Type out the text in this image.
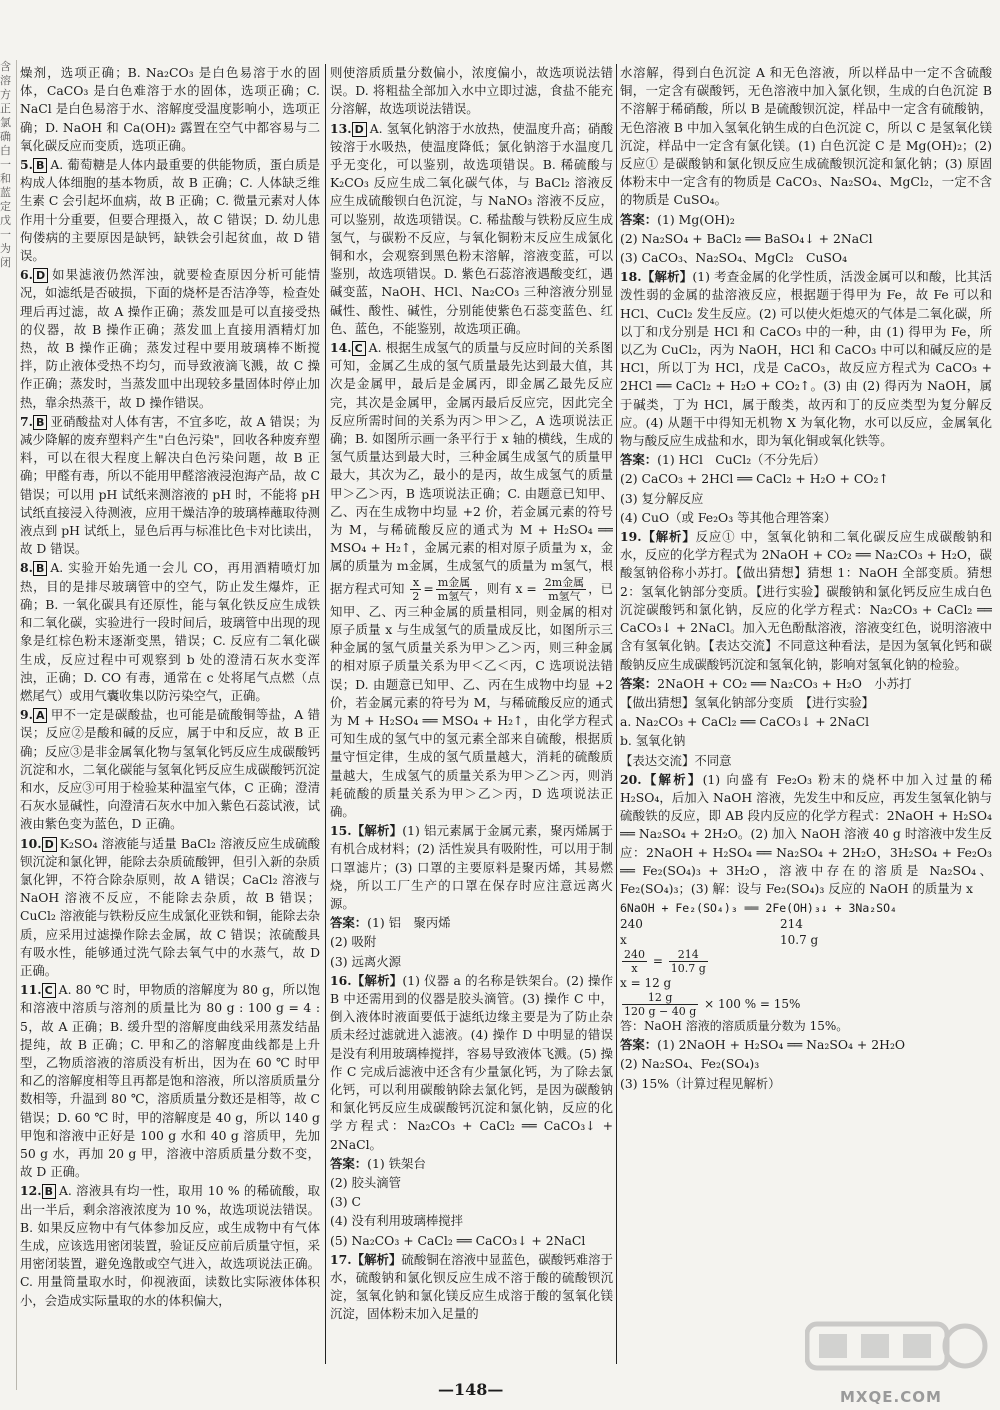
含
溶
方
正
氯
确
白
一
和
蓝
定
戊
一
为
闭

燥剂，选项正确；B. Na₂CO₃ 是白色易溶于水的固体，CaCO₃ 是白色难溶于水的固体，选项正确；C. NaCl 是白色易溶于水、溶解度受温度影响小，选项正确；D. NaOH 和 Ca(OH)₂ 露置在空气中都容易与二氧化碳反应而变质，选项正确。

5. B A. 葡萄糖是人体内最重要的供能物质，蛋白质是构成人体细胞的基本物质，故 B 正确；C. 人体缺乏维生素 C 会引起坏血病，故 B 正确；C. 微量元素对人体作用十分重要，但要合理摄入，故 C 错误；D. 幼儿患佝偻病的主要原因是缺钙，缺铁会引起贫血，故 D 错误。

6. D 如果滤液仍然浑浊，就要检查原因分析可能情况，如滤纸是否破损，下面的烧杯是否洁净等，检查处理后再过滤，故 A 操作正确；蒸发皿是可以直接受热的仪器，故 B 操作正确；蒸发皿上直接用酒精灯加热，故 B 操作正确；蒸发过程中要用玻璃棒不断搅拌，防止液体受热不均匀，而导致液滴飞溅，故 C 操作正确；蒸发时，当蒸发皿中出现较多量固体时停止加热，靠余热蒸干，故 D 操作错误。

7. B 亚硝酸盐对人体有害，不宜多吃，故 A 错误；为减少降解的废弃塑料产生"白色污染"，回收各种废弃塑料，可以在很大程度上解决白色污染问题，故 B 正确；甲醛有毒，所以不能用甲醛溶液浸泡海产品，故 C 错误；可以用 pH 试纸来测溶液的 pH 时，不能将 pH 试纸直接浸入待测液，应用干燥洁净的玻璃棒蘸取待测液点到 pH 试纸上，显色后再与标准比色卡对比读出，故 D 错误。

8. B A. 实验开始先通一会儿 CO，再用酒精喷灯加热，目的是排尽玻璃管中的空气，防止发生爆炸，正确；B. 一氧化碳具有还原性，能与氧化铁反应生成铁和二氧化碳，实验进行一段时间后，玻璃管中出现的现象是红棕色粉末逐渐变黑，错误；C. 反应有二氧化碳生成，反应过程中可观察到 b 处的澄清石灰水变浑浊，正确；D. CO 有毒，通常在 c 处将尾气点燃（点燃尾气）或用气囊收集以防污染空气，正确。

9. A 甲不一定是碳酸盐，也可能是硫酸铜等盐，A 错误；反应②是酸和碱的反应，属于中和反应，故 B 正确；反应③是非金属氧化物与氢氧化钙反应生成碳酸钙沉淀和水，二氧化碳能与氢氧化钙反应生成碳酸钙沉淀和水，反应③可用于检验某种温室气体，C 正确；澄清石灰水显碱性，向澄清石灰水中加入紫色石蕊试液，试液由紫色变为蓝色，D 正确。

10. D K₂SO₄ 溶液能与适量 BaCl₂ 溶液反应生成硫酸钡沉淀和氯化钾，能除去杂质硫酸钾，但引入新的杂质氯化钾，不符合除杂原则，故 A 错误；CaCl₂ 溶液与 NaOH 溶液不反应，不能除去杂质，故 B 错误；CuCl₂ 溶液能与铁粉反应生成氯化亚铁和铜，能除去杂质，应采用过滤操作除去金属，故 C 错误；浓硫酸具有吸水性，能够通过洗气除去氧气中的水蒸气，故 D 正确。

11. C A. 80 ℃ 时，甲物质的溶解度为 80 g，所以饱和溶液中溶质与溶剂的质量比为 80 g : 100 g = 4 : 5，故 A 正确；B. 缓升型的溶解度曲线采用蒸发结晶提纯，故 B 正确；C. 甲和乙的溶解度曲线都是上升型，乙物质溶液的溶质没有析出，因为在 60 ℃ 时甲和乙的溶解度相等且再都是饱和溶液，所以溶质质量分数相等，升温到 80 ℃，溶质质量分数还是相等，故 C 错误；D. 60 ℃ 时，甲的溶解度是 40 g，所以 140 g 甲饱和溶液中正好是 100 g 水和 40 g 溶质甲，先加 50 g 水，再加 20 g 甲，溶液中溶质质量分数不变，故 D 正确。

12. B A. 溶液具有均一性，取用 10 % 的稀硫酸，取出一半后，剩余溶液浓度为 10 %，故选项说法错误。B. 如果反应物中有气体参加反应，或生成物中有气体生成，应该选用密闭装置，验证反应前后质量守恒，采用密闭装置，避免逸散或空气进入，故选项说法正确。C. 用量筒量取水时，仰视液面，读数比实际液体体积小，会造成实际量取的水的体积偏大，

则使溶质质量分数偏小，浓度偏小，故选项说法错误。D. 将粗盐全部加入水中立即过滤，食盐不能充分溶解，故选项说法错误。

13. D A. 氢氧化钠溶于水放热，使温度升高；硝酸铵溶于水吸热，使温度降低；氯化钠溶于水温度几乎无变化，可以鉴别，故选项错误。B. 稀硫酸与 K₂CO₃ 反应生成二氧化碳气体，与 BaCl₂ 溶液反应生成硫酸钡白色沉淀，与 NaNO₃ 溶液不反应，可以鉴别，故选项错误。C. 稀盐酸与铁粉反应生成氢气，与碳粉不反应，与氧化铜粉末反应生成氯化铜和水，会观察到黑色粉末溶解，溶液变蓝，可以鉴别，故选项错误。D. 紫色石蕊溶液遇酸变红，遇碱变蓝，NaOH、HCl、Na₂CO₃ 三种溶液分别显碱性、酸性、碱性，分别能使紫色石蕊变蓝色、红色、蓝色，不能鉴别，故选项正确。

14. C A. 根据生成氢气的质量与反应时间的关系图可知，金属乙生成的氢气质量最先达到最大值，其次是金属甲，最后是金属丙，即金属乙最先反应完，其次是金属甲，金属丙最后反应完，因此完全反应所需时间的关系为丙＞甲＞乙，A 选项说法正确；B. 如图所示画一条平行于 x 轴的横线，生成的氢气质量达到最大时，三种金属生成氢气的质量甲最大，其次为乙，最小的是丙，故生成氢气的质量甲＞乙＞丙，B 选项说法正确；C. 由题意已知甲、乙、丙在生成物中均显 +2 价，若金属元素的符号为 M，与稀硫酸反应的通式为 M + H₂SO₄ ══ MSO₄ + H₂↑，金属元素的相对原子质量为 x，金属的质量为 m金属，生成氢气的质量为 m氢气，根据方程式可知 $\frac{x}{2} = \frac{\text{m金属}}{\text{m氢气}}$ ，则有 $x = \frac{\text{2m金属}}{\text{m氢气}}$ ，已知甲、乙、丙三种金属的质量相同，则金属的相对原子质量 x 与生成氢气的质量成反比，如图所示三种金属的氢气质量关系为甲＞乙＞丙，则三种金属的相对原子质量关系为甲＜乙＜丙，C 选项说法错误；D. 由题意已知甲、乙、丙在生成物中均显 +2 价，若金属元素的符号为 M，与稀硫酸反应的通式为 M + H₂SO₄ ══ MSO₄ + H₂↑，由化学方程式可知生成的氢气中的氢元素全部来自硫酸，根据质量守恒定律，生成的氢气质量越大，消耗的硫酸质量越大，生成氢气的质量关系为甲＞乙＞丙，则消耗硫酸的质量关系为甲＞乙＞丙，D 选项说法正确。

15.【解析】(1) 铝元素属于金属元素，聚丙烯属于有机合成材料；(2) 活性炭具有吸附性，可以用于制口罩滤片；(3) 口罩的主要原料是聚丙烯，其易燃烧，所以工厂生产的口罩在保存时应注意远离火源。

答案：(1) 铝　聚丙烯

(2) 吸附

(3) 远离火源

16.【解析】(1) 仪器 a 的名称是铁架台。(2) 操作 B 中还需用到的仪器是胶头滴管。(3) 操作 C 中，倒入液体时液面要低于滤纸边缘主要是为了防止杂质未经过滤就进入滤液。(4) 操作 D 中明显的错误是没有利用玻璃棒搅拌，容易导致液体飞溅。(5) 操作 C 完成后滤液中还含有少量氯化钙，为了除去氯化钙，可以利用碳酸钠除去氯化钙，是因为碳酸钠和氯化钙反应生成碳酸钙沉淀和氯化钠，反应的化学方程式：Na₂CO₃ + CaCl₂ ══ CaCO₃↓ + 2NaCl。

答案：(1) 铁架台

(2) 胶头滴管

(3) C

(4) 没有利用玻璃棒搅拌

(5) Na₂CO₃ + CaCl₂ ══ CaCO₃↓ + 2NaCl

17.【解析】硫酸铜在溶液中显蓝色，碳酸钙难溶于水，硫酸钠和氯化钡反应生成不溶于酸的硫酸钡沉淀，氢氧化钠和氯化镁反应生成溶于酸的氢氧化镁沉淀，固体粉末加入足量的

水溶解，得到白色沉淀 A 和无色溶液，所以样品中一定不含硫酸铜，一定含有碳酸钙，无色溶液中加入氯化钡，生成的白色沉淀 B 不溶解于稀硝酸，所以 B 是硫酸钡沉淀，样品中一定含有硫酸钠，无色溶液 B 中加入氢氧化钠生成的白色沉淀 C，所以 C 是氢氧化镁沉淀，样品中一定含有氯化镁。(1) 白色沉淀 C 是 Mg(OH)₂；(2) 反应① 是碳酸钠和氯化钡反应生成硫酸钡沉淀和氯化钠；(3) 原固体粉末中一定含有的物质是 CaCO₃、Na₂SO₄、MgCl₂，一定不含的物质是 CuSO₄。

答案：(1) Mg(OH)₂

(2) Na₂SO₄ + BaCl₂ ══ BaSO₄↓ + 2NaCl

(3) CaCO₃、Na₂SO₄、MgCl₂　CuSO₄

18.【解析】(1) 考查金属的化学性质，活泼金属可以和酸，比其活泼性弱的金属的盐溶液反应，根据题于得甲为 Fe，故 Fe 可以和 HCl、CuCl₂ 发生反应。(2) 可以使火炬熄灭的气体是二氧化碳，所以丁和戊分别是 HCl 和 CaCO₃ 中的一种，由 (1) 得甲为 Fe，所以乙为 CuCl₂，丙为 NaOH，HCl 和 CaCO₃ 中可以和碱反应的是 HCl，所以丁为 HCl，戊是 CaCO₃，故反应方程式为 CaCO₃ + 2HCl ══ CaCl₂ + H₂O + CO₂↑。(3) 由 (2) 得丙为 NaOH，属于碱类，丁为 HCl，属于酸类，故丙和丁的反应类型为复分解反应。(4) 从题干中得知无机物 X 为氧化物，水可以反应，金属氧化物与酸反应生成盐和水，即为氧化铜或氧化铁等。

答案：(1) HCl　CuCl₂（不分先后）

(2) CaCO₃ + 2HCl ══ CaCl₂ + H₂O + CO₂↑

(3) 复分解反应

(4) CuO（或 Fe₂O₃ 等其他合理答案）

19.【解析】反应① 中，氢氧化钠和二氧化碳反应生成碳酸钠和水，反应的化学方程式为 2NaOH + CO₂ ══ Na₂CO₃ + H₂O，碳酸氢钠俗称小苏打。【做出猜想】猜想 1：NaOH 全部变质。猜想 2：氢氧化钠部分变质。【进行实验】碳酸钠和氯化钙反应生成白色沉淀碳酸钙和氯化钠，反应的化学方程式：Na₂CO₃ + CaCl₂ ══ CaCO₃↓ + 2NaCl。加入无色酚酞溶液，溶液变红色，说明溶液中含有氢氧化钠。【表达交流】不同意这种看法，是因为氢氧化钙和碳酸钠反应生成碳酸钙沉淀和氢氧化钠，影响对氢氧化钠的检验。

答案：2NaOH + CO₂ ══ Na₂CO₃ + H₂O　小苏打

【做出猜想】氢氧化钠部分变质　【进行实验】

a. Na₂CO₃ + CaCl₂ ══ CaCO₃↓ + 2NaCl

b. 氢氧化钠

【表达交流】不同意

20.【解析】(1) 向盛有 Fe₂O₃ 粉末的烧杯中加入过量的稀 H₂SO₄，后加入 NaOH 溶液，先发生中和反应，再发生氢氧化钠与硫酸铁的反应，即 AB 段内反应的化学方程式：2NaOH + H₂SO₄ ══ Na₂SO₄ + 2H₂O。(2) 加入 NaOH 溶液 40 g 时溶液中发生反应：2NaOH + H₂SO₄ ══ Na₂SO₄ + 2H₂O，3H₂SO₄ + Fe₂O₃ ══ Fe₂(SO₄)₃ + 3H₂O，溶液中存在的溶质是 Na₂SO₄、Fe₂(SO₄)₃；(3) 解：设与 Fe₂(SO₄)₃ 反应的 NaOH 的质量为 x

6NaOH + Fe₂(SO₄)₃ ══ 2Fe(OH)₃↓ + 3Na₂SO₄
240	214
x	10.7 g
$\frac{240}{x} = \frac{214}{10.7 g}$
x = 12 g
$\frac{12 g}{120 g - 40 g} \times 100$ % = 15%
答：NaOH 溶液的溶质质量分数为 15%。

答案：(1) 2NaOH + H₂SO₄ ══ Na₂SO₄ + 2H₂O

(2) Na₂SO₄、Fe₂(SO₄)₃

(3) 15%（计算过程见解析）

—148—	MXQE.COM
